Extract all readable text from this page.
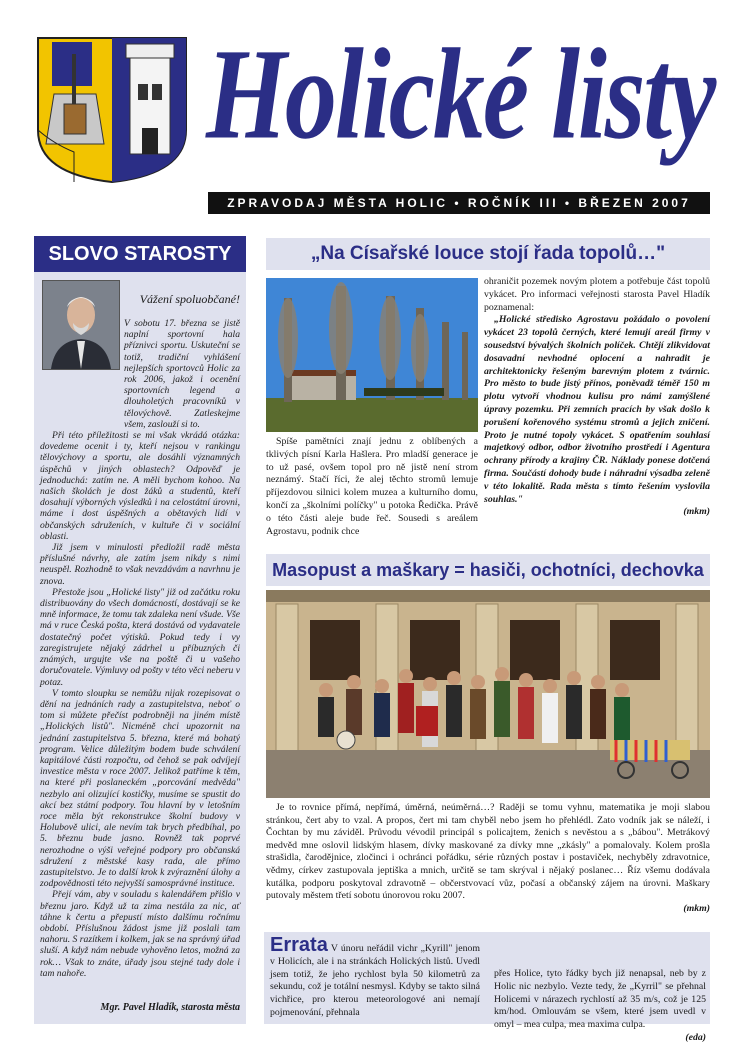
Holické listy
ZPRAVODAJ MĚSTA HOLIC • ROČNÍK III • BŘEZEN 2007
SLOVO STAROSTY
Vážení spoluobčané!

V sobotu 17. března se jistě naplní sportovní hala příznivci sportu. Uskuteční se totiž, tradiční vyhlášení nejlepších sportovců Holic za rok 2006, jakož i ocenění sportovních legend a dlouholetých pracovníků v tělovýchově. Zatleskejme všem, zaslouží si to.

Při této příležitosti se mi však vkrádá otázka: dovedeme ocenit i ty, kteří nejsou v rankingu tělovýchovy a sportu, ale dosáhli významných úspěchů v jiných oblastech? Odpověď je jednoduchá: zatím ne. A měli bychom kohoo. Na našich školách je dost žáků a studentů, kteří dosahují výborných výsledků i na celostátní úrovni, máme i dost úspěšných a obětavých lidí v občanských sdruženích, v kultuře či v sociální oblasti.

Již jsem v minulosti předložil radě města příslušné návrhy, ale zatím jsem nikdy s nimi neuspěl. Rozhodně to však nevzdávám a navrhnu je znova.

Přestože jsou „Holické listy" již od začátku roku distribuovány do všech domácností, dostávají se ke mně informace, že tomu tak zdaleka není všude. Vše má v ruce Česká pošta, která dostává od vydavatele dostatečný počet výtisků. Pokud tedy i vy zaregistrujete nějaký zádrhel u příbuzných či známých, urgujte vše na poště či u vašeho doručovatele. Výmluvy od pošty v této věci neberu v potaz.

V tomto sloupku se nemůžu nijak rozepisovat o dění na jednáních rady a zastupitelstva, neboť o tom si můžete přečíst podrobněji na jiném místě „Holických listů". Nicméně chci upozornit na jednání zastupitelstva 5. března, které má bohatý program. Velice důležitým bodem bude schválení kapitálové části rozpočtu, od čehož se pak odvíjejí investice města v roce 2007. Jelikož patříme k těm, na které při poslaneckém „porcování medvěda" nezbylo ani olizující kostičky, musíme se spustit do akcí bez státní podpory. Tou hlavní by v letošním roce měla být rekonstrukce školní budovy v Holubově ulici, ale nevím tak brych předbíhal, po 5. březnu bude jasno. Rovněž tak poprvé nerozhodne o výši veřejné podpory pro občanská sdružení z městské kasy rada, ale přímo zastupitelstvo. Je to další krok k zvýraznění úlohy a zodpovědnosti této nejvyšší samosprávné instituce.

Přejí vám, aby v souladu s kalendářem přišlo v březnu jaro. Když už ta zima nestála za nic, ať táhne k čertu a přepustí místo dalšímu ročnímu období. Příslušnou žádost jsme již poslali tam nahoru. S razítkem i kolkem, jak se na správný úřad sluší. A když nám nebude vyhověno letos, možná za rok… Však to znáte, úřady jsou stejné tady dole i tam nahoře.

Mgr. Pavel Hladík, starosta města
„Na Císařské louce stojí řada topolů…"

Spíše pamětníci znají jednu z oblíbených a tklivých písní Karla Hašlera. Pro mladší generace je to už pasé, ovšem topol pro ně jistě není strom neznámý. Stačí říci, že alej těchto stromů lemuje příjezdovou silnici kolem muzea a kulturního domu, končí za „školními políčky" u potoka Ředička. Právě o této části aleje bude řeč. Sousedi s areálem Agrostavu, podnik chce

ohraničit pozemek novým plotem a potřebuje část topolů vykácet. Pro informaci veřejnosti starosta Pavel Hladík poznamenal:

„Holické středisko Agrostavu požádalo o povolení vykácet 23 topolů černých, které lemují areál firmy v sousedství bývalých školních políček. Chtějí zlikvidovat dosavadní nevhodné oplocení a nahradit je architektonicky řešeným barevným plotem z tvárnic. Pro město to bude jistý přínos, poněvadž téměř 150 m plotu vytvoří vhodnou kulisu pro námi zamýšlené úpravy pozemku. Při zemních pracích by však došlo k porušení kořenového systému stromů a jejich zničení. Proto je nutné topoly vykácet. S opatřením souhlasí majetkový odbor, odbor životního prostředí i Agentura ochrany přírody a krajiny ČR. Náklady ponese dotčená firma. Součástí dohody bude i náhradní výsadba zeleně v této lokalitě. Rada města s tímto řešením vyslovila souhlas."

(mkm)

Masopust a maškary = hasiči, ochotníci, dechovka

Je to rovnice přímá, nepřímá, úměrná, neúměrná…? Raději se tomu vyhnu, matematika je moji slabou stránkou, čert aby to vzal. A propos, čert mi tam chyběl nebo jsem ho přehlédl. Zato vodník jak se náleží, i Čochtan by mu záviděl. Průvodu vévodil principál s policajtem, ženich s nevěstou a s „bábou". Metrákový medvěd mne oslovil lidským hlasem, dívky maskované za dívky mne „zkásly" a pomalovaly. Kolem prošla strašidla, čarodějnice, zločinci i ochránci pořádku, série různých postav i postaviček, nechyběly zdravotnice, vědmy, církev zastupovala jeptiška a mnich, určitě se tam skrýval i nějaký poslanec… Říz všemu dodávala kutálka, podporu poskytoval zdravotně – občerstvovací vůz, počasí a občanský zájem na úrovni. Maškary putovaly městem třetí sobotu únorovou roku 2007.

(mkm)

Errata V únoru neřádil vichr „Kyrill" jenom v Holicích, ale i na stránkách Holických listů. Uvedl jsem totiž, že jeho rychlost byla 50 kilometrů za sekundu, což je totální nesmysl. Kdyby se takto silná vichřice, pro kterou meteorologové ani nemají pojmenování, přehnala
přes Holice, tyto řádky bych již nenapsal, neb by z Holic nic nezbylo. Vezte tedy, že „Kyrril" se přehnal Holicemi v nárazech rychlostí až 35 m/s, což je 125 km/hod. Omlouvám se všem, které jsem uvedl v omyl – mea culpa, mea maxima culpa.
(eda)
